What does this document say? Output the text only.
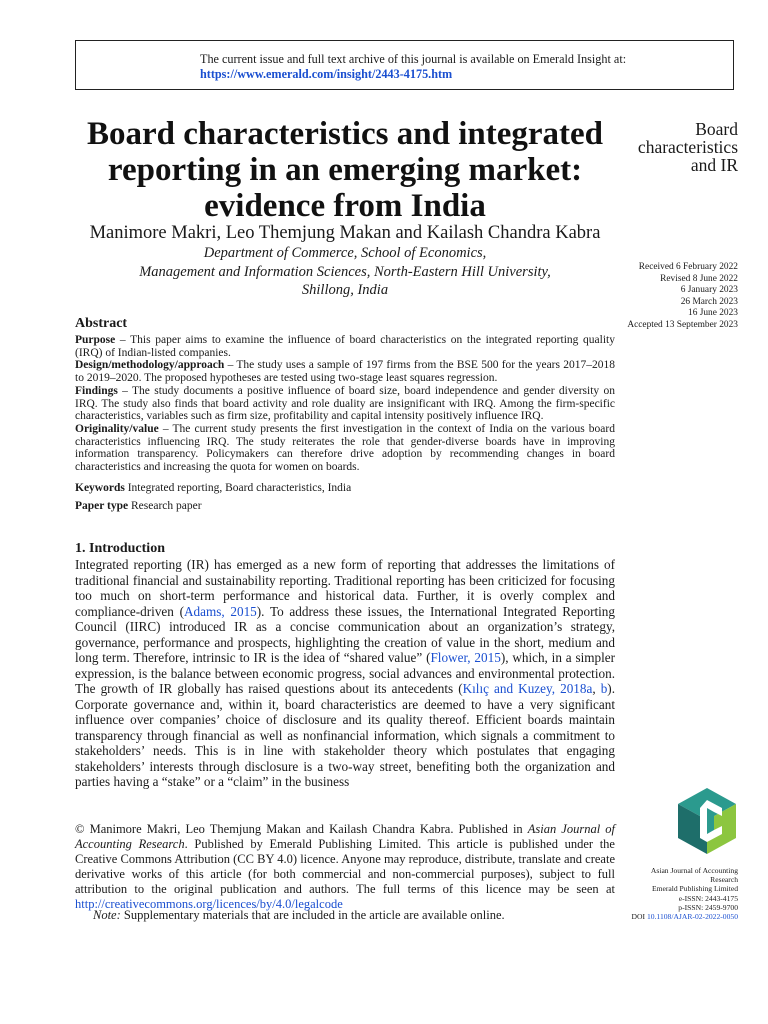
The current issue and full text archive of this journal is available on Emerald Insight at:
https://www.emerald.com/insight/2443-4175.htm
Board characteristics and integrated reporting in an emerging market: evidence from India
Board
characteristics
and IR
Manimore Makri, Leo Themjung Makan and Kailash Chandra Kabra
Department of Commerce, School of Economics,
Management and Information Sciences, North-Eastern Hill University,
Shillong, India
Received 6 February 2022
Revised 8 June 2022
6 January 2023
26 March 2023
16 June 2023
Accepted 13 September 2023
Abstract

Purpose – This paper aims to examine the influence of board characteristics on the integrated reporting quality (IRQ) of Indian-listed companies.

Design/methodology/approach – The study uses a sample of 197 firms from the BSE 500 for the years 2017–2018 to 2019–2020. The proposed hypotheses are tested using two-stage least squares regression.

Findings – The study documents a positive influence of board size, board independence and gender diversity on IRQ. The study also finds that board activity and role duality are insignificant with IRQ. Among the firm-specific characteristics, variables such as firm size, profitability and capital intensity positively influence IRQ.

Originality/value – The current study presents the first investigation in the context of India on the various board characteristics influencing IRQ. The study reiterates the role that gender-diverse boards have in improving information transparency. Policymakers can therefore drive adoption by recommending changes in board characteristics and increasing the quota for women on boards.

Keywords Integrated reporting, Board characteristics, India

Paper type Research paper

1. Introduction
Integrated reporting (IR) has emerged as a new form of reporting that addresses the limitations of traditional financial and sustainability reporting. Traditional reporting has been criticized for focusing too much on short-term performance and historical data. Further, it is overly complex and compliance-driven (Adams, 2015). To address these issues, the International Integrated Reporting Council (IIRC) introduced IR as a concise communication about an organization’s strategy, governance, performance and prospects, highlighting the creation of value in the short, medium and long term. Therefore, intrinsic to IR is the idea of “shared value” (Flower, 2015), which, in a simpler expression, is the balance between economic progress, social advances and environmental protection. The growth of IR globally has raised questions about its antecedents (Kılıç and Kuzey, 2018a, b). Corporate governance and, within it, board characteristics are deemed to have a very significant influence over companies’ choice of disclosure and its quality thereof. Efficient boards maintain transparency through financial as well as nonfinancial information, which signals a commitment to stakeholders’ needs. This is in line with stakeholder theory which postulates that engaging stakeholders’ interests through disclosure is a two-way street, benefiting both the organization and parties having a “stake” or a “claim” in the business

© Manimore Makri, Leo Themjung Makan and Kailash Chandra Kabra. Published in Asian Journal of Accounting Research. Published by Emerald Publishing Limited. This article is published under the Creative Commons Attribution (CC BY 4.0) licence. Anyone may reproduce, distribute, translate and create derivative works of this article (for both commercial and non-commercial purposes), subject to full attribution to the original publication and authors. The full terms of this licence may be seen at http://creativecommons.org/licences/by/4.0/legalcode

Note: Supplementary materials that are included in the article are available online.
Asian Journal of Accounting
Research
Emerald Publishing Limited
e-ISSN: 2443-4175
p-ISSN: 2459-9700
DOI 10.1108/AJAR-02-2022-0050
